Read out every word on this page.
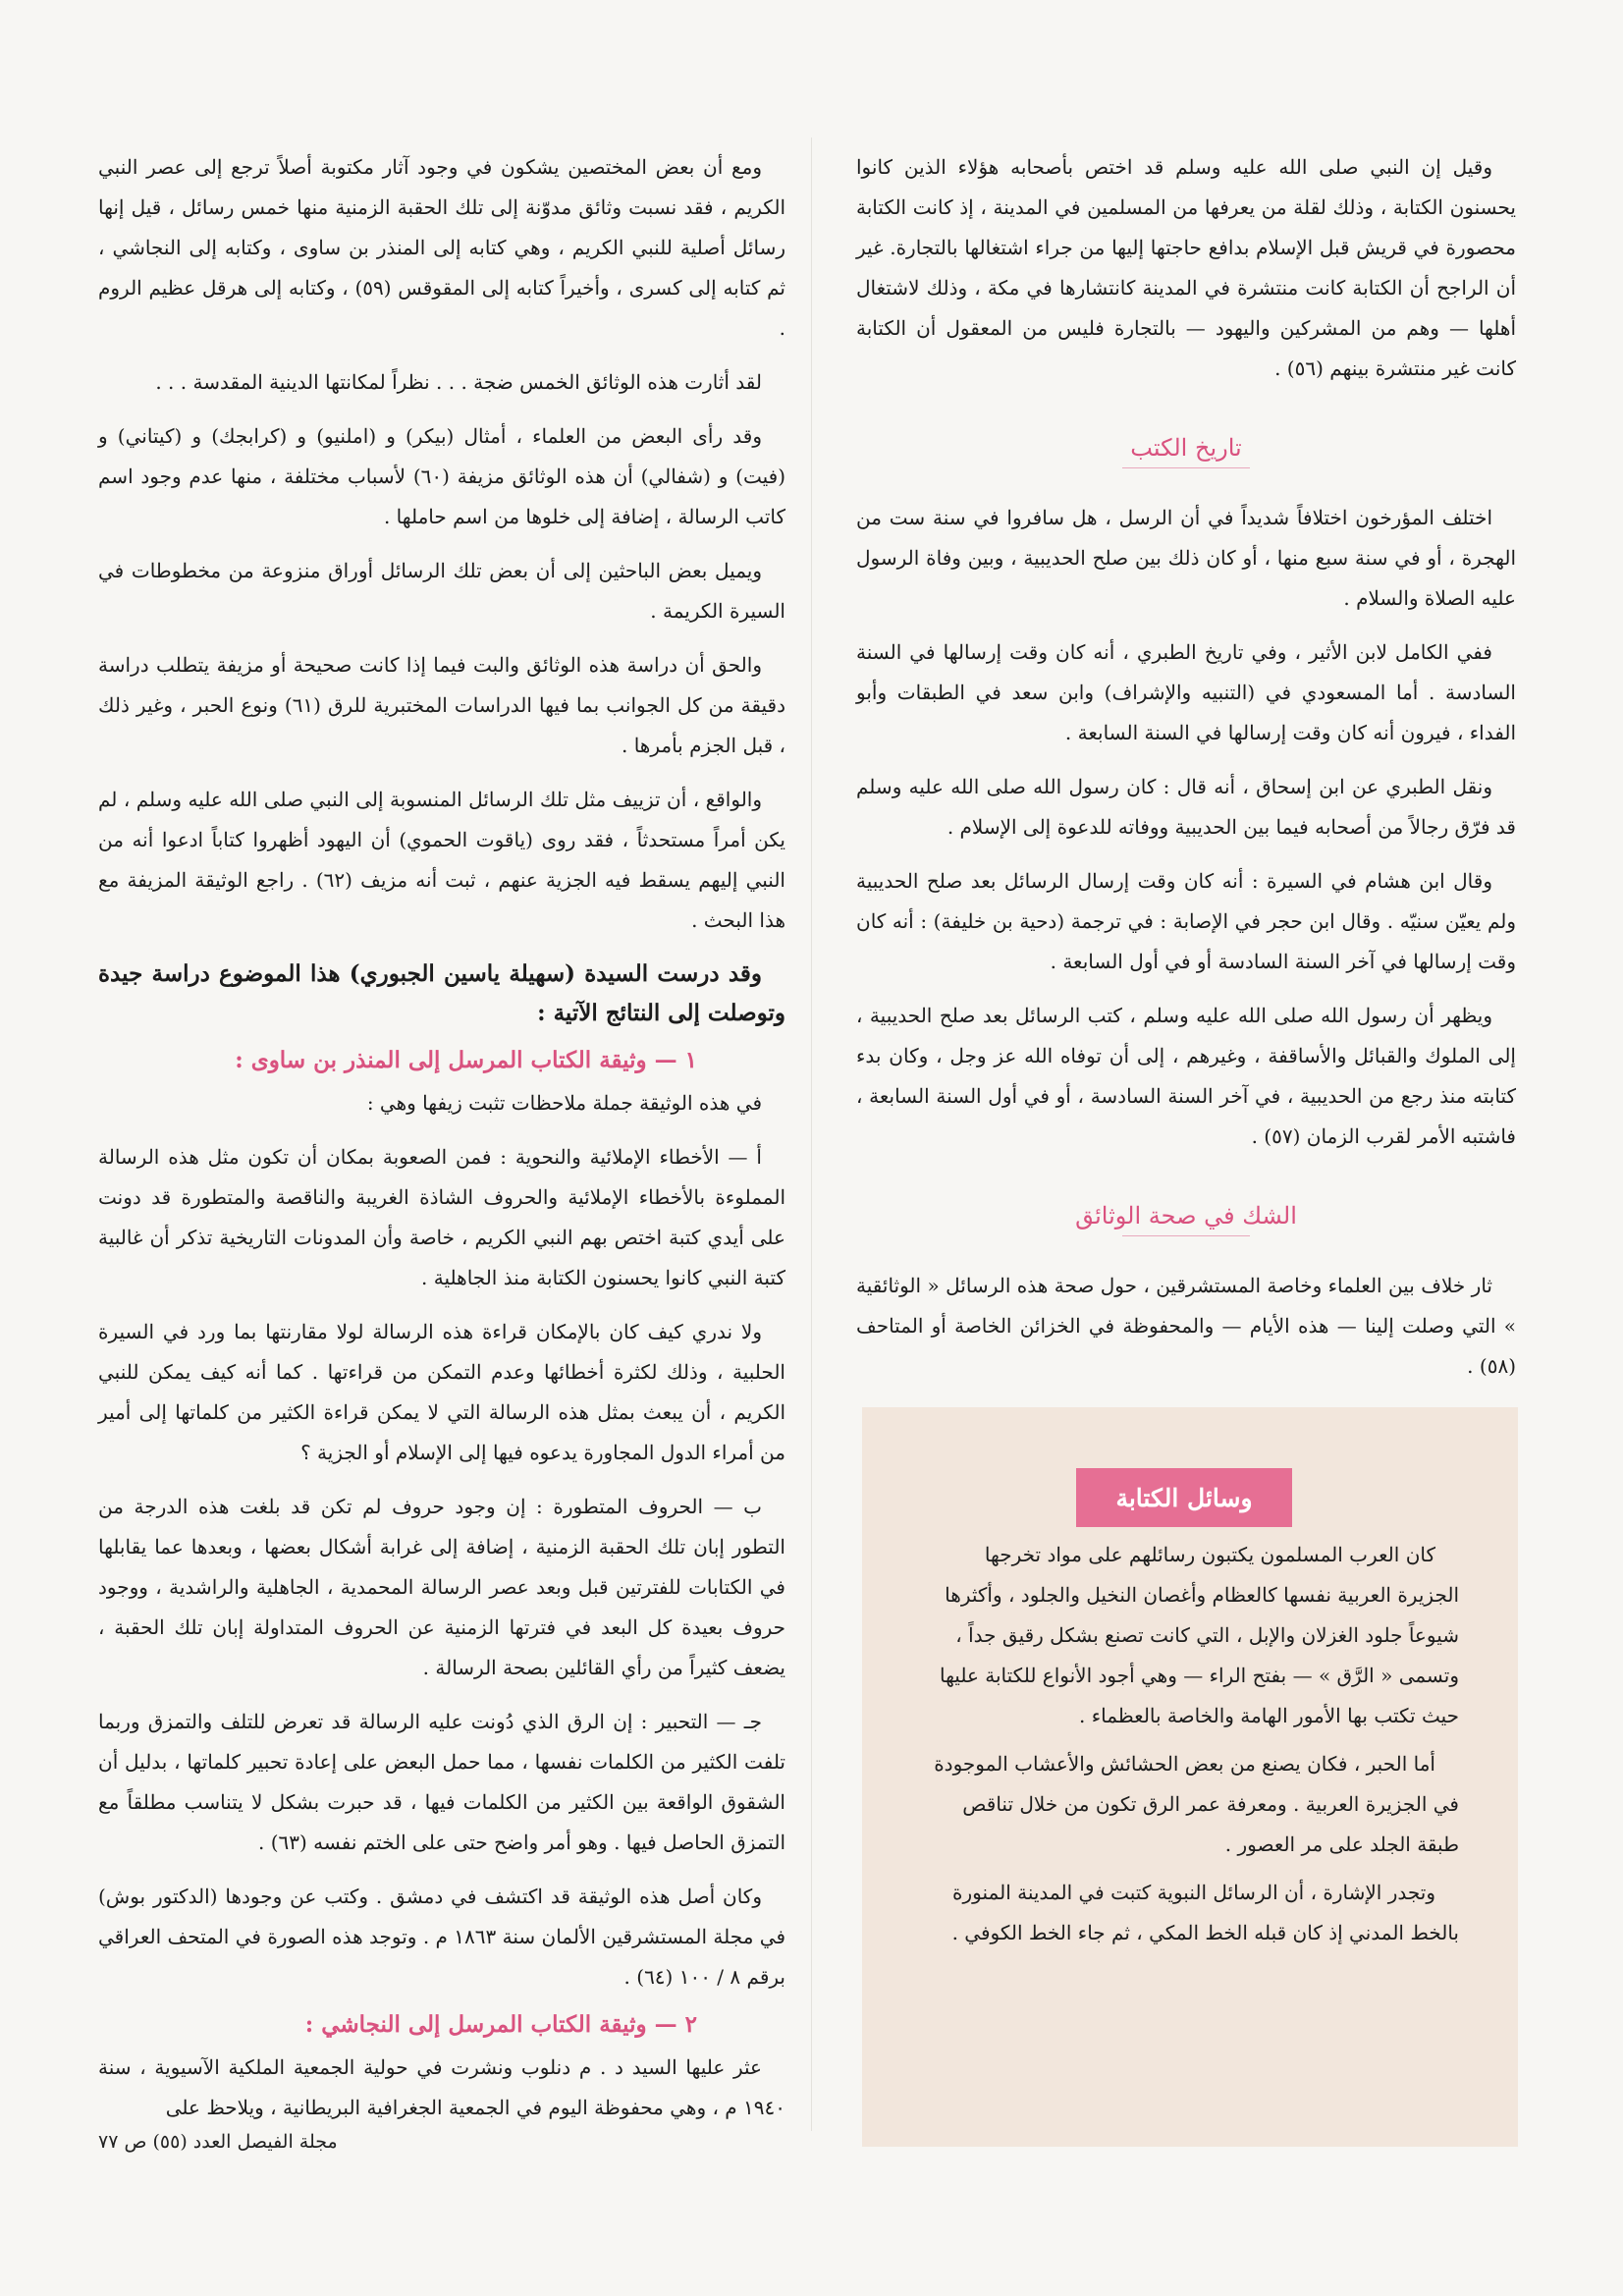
وقيل إن النبي صلى الله عليه وسلم قد اختص بأصحابه هؤلاء الذين كانوا يحسنون الكتابة ، وذلك لقلة من يعرفها من المسلمين في المدينة ، إذ كانت الكتابة محصورة في قريش قبل الإسلام بدافع حاجتها إليها من جراء اشتغالها بالتجارة. غير أن الراجح أن الكتابة كانت منتشرة في المدينة كانتشارها في مكة ، وذلك لاشتغال أهلها — وهم من المشركين واليهود — بالتجارة فليس من المعقول أن الكتابة كانت غير منتشرة بينهم (٥٦) .

تاريخ الكتب

اختلف المؤرخون اختلافاً شديداً في أن الرسل ، هل سافروا في سنة ست من الهجرة ، أو في سنة سبع منها ، أو كان ذلك بين صلح الحديبية ، وبين وفاة الرسول عليه الصلاة والسلام .

ففي الكامل لابن الأثير ، وفي تاريخ الطبري ، أنه كان وقت إرسالها في السنة السادسة . أما المسعودي في (التنبيه والإشراف) وابن سعد في الطبقات وأبو الفداء ، فيرون أنه كان وقت إرسالها في السنة السابعة .

ونقل الطبري عن ابن إسحاق ، أنه قال : كان رسول الله صلى الله عليه وسلم قد فرّق رجالاً من أصحابه فيما بين الحديبية ووفاته للدعوة إلى الإسلام .

وقال ابن هشام في السيرة : أنه كان وقت إرسال الرسائل بعد صلح الحديبية ولم يعيّن سنيّه . وقال ابن حجر في الإصابة : في ترجمة (دحية بن خليفة) : أنه كان وقت إرسالها في آخر السنة السادسة أو في أول السابعة .

ويظهر أن رسول الله صلى الله عليه وسلم ، كتب الرسائل بعد صلح الحديبية ، إلى الملوك والقبائل والأساقفة ، وغيرهم ، إلى أن توفاه الله عز وجل ، وكان بدء كتابته منذ رجع من الحديبية ، في آخر السنة السادسة ، أو في أول السنة السابعة ، فاشتبه الأمر لقرب الزمان (٥٧) .

الشك في صحة الوثائق

ثار خلاف بين العلماء وخاصة المستشرقين ، حول صحة هذه الرسائل « الوثائقية » التي وصلت إلينا — هذه الأيام — والمحفوظة في الخزائن الخاصة أو المتاحف (٥٨) .

وسائل الكتابة

كان العرب المسلمون يكتبون رسائلهم على مواد تخرجها الجزيرة العربية نفسها كالعظام وأغصان النخيل والجلود ، وأكثرها شيوعاً جلود الغزلان والإبل ، التي كانت تصنع بشكل رقيق جداً ، وتسمى « الرَّق » — بفتح الراء — وهي أجود الأنواع للكتابة عليها حيث تكتب بها الأمور الهامة والخاصة بالعظماء .

أما الحبر ، فكان يصنع من بعض الحشائش والأعشاب الموجودة في الجزيرة العربية . ومعرفة عمر الرق تكون من خلال تناقص طبقة الجلد على مر العصور .

وتجدر الإشارة ، أن الرسائل النبوية كتبت في المدينة المنورة بالخط المدني إذ كان قبله الخط المكي ، ثم جاء الخط الكوفي .

ومع أن بعض المختصين يشكون في وجود آثار مكتوبة أصلاً ترجع إلى عصر النبي الكريم ، فقد نسبت وثائق مدوّنة إلى تلك الحقبة الزمنية منها خمس رسائل ، قيل إنها رسائل أصلية للنبي الكريم ، وهي كتابه إلى المنذر بن ساوى ، وكتابه إلى النجاشي ، ثم كتابه إلى كسرى ، وأخيراً كتابه إلى المقوقس (٥٩) ، وكتابه إلى هرقل عظيم الروم .

لقد أثارت هذه الوثائق الخمس ضجة . . . نظراً لمكانتها الدينية المقدسة . . .

وقد رأى البعض من العلماء ، أمثال (بيكر) و (املنيو) و (كرابجك) و (كيتاني) و (فيت) و (شفالي) أن هذه الوثائق مزيفة (٦٠) لأسباب مختلفة ، منها عدم وجود اسم كاتب الرسالة ، إضافة إلى خلوها من اسم حاملها .

ويميل بعض الباحثين إلى أن بعض تلك الرسائل أوراق منزوعة من مخطوطات في السيرة الكريمة .

والحق أن دراسة هذه الوثائق والبت فيما إذا كانت صحيحة أو مزيفة يتطلب دراسة دقيقة من كل الجوانب بما فيها الدراسات المختبرية للرق (٦١) ونوع الحبر ، وغير ذلك ، قبل الجزم بأمرها .

والواقع ، أن تزييف مثل تلك الرسائل المنسوبة إلى النبي صلى الله عليه وسلم ، لم يكن أمراً مستحدثاً ، فقد روى (ياقوت الحموي) أن اليهود أظهروا كتاباً ادعوا أنه من النبي إليهم يسقط فيه الجزية عنهم ، ثبت أنه مزيف (٦٢) . راجع الوثيقة المزيفة مع هذا البحث .

وقد درست السيدة (سهيلة ياسين الجبوري) هذا الموضوع دراسة جيدة وتوصلت إلى النتائج الآتية :

١ — وثيقة الكتاب المرسل إلى المنذر بن ساوى :

في هذه الوثيقة جملة ملاحظات تثبت زيفها وهي :

أ — الأخطاء الإملائية والنحوية : فمن الصعوبة بمكان أن تكون مثل هذه الرسالة المملوءة بالأخطاء الإملائية والحروف الشاذة الغريبة والناقصة والمتطورة قد دونت على أيدي كتبة اختص بهم النبي الكريم ، خاصة وأن المدونات التاريخية تذكر أن غالبية كتبة النبي كانوا يحسنون الكتابة منذ الجاهلية .

ولا ندري كيف كان بالإمكان قراءة هذه الرسالة لولا مقارنتها بما ورد في السيرة الحلبية ، وذلك لكثرة أخطائها وعدم التمكن من قراءتها . كما أنه كيف يمكن للنبي الكريم ، أن يبعث بمثل هذه الرسالة التي لا يمكن قراءة الكثير من كلماتها إلى أمير من أمراء الدول المجاورة يدعوه فيها إلى الإسلام أو الجزية ؟

ب — الحروف المتطورة : إن وجود حروف لم تكن قد بلغت هذه الدرجة من التطور إبان تلك الحقبة الزمنية ، إضافة إلى غرابة أشكال بعضها ، وبعدها عما يقابلها في الكتابات للفترتين قبل وبعد عصر الرسالة المحمدية ، الجاهلية والراشدية ، ووجود حروف بعيدة كل البعد في فترتها الزمنية عن الحروف المتداولة إبان تلك الحقبة ، يضعف كثيراً من رأي القائلين بصحة الرسالة .

جـ — التحبير : إن الرق الذي دُونت عليه الرسالة قد تعرض للتلف والتمزق وربما تلفت الكثير من الكلمات نفسها ، مما حمل البعض على إعادة تحبير كلماتها ، بدليل أن الشقوق الواقعة بين الكثير من الكلمات فيها ، قد حبرت بشكل لا يتناسب مطلقاً مع التمزق الحاصل فيها . وهو أمر واضح حتى على الختم نفسه (٦٣) .

وكان أصل هذه الوثيقة قد اكتشف في دمشق . وكتب عن وجودها (الدكتور بوش) في مجلة المستشرقين الألمان سنة ١٨٦٣ م . وتوجد هذه الصورة في المتحف العراقي برقم ٨ / ١٠٠ (٦٤) .

٢ — وثيقة الكتاب المرسل إلى النجاشي :

عثر عليها السيد د . م دنلوب ونشرت في حولية الجمعية الملكية الآسيوية ، سنة ١٩٤٠ م ، وهي محفوظة اليوم في الجمعية الجغرافية البريطانية ، ويلاحظ على

مجلة الفيصل العدد (٥٥) ص ٧٧
